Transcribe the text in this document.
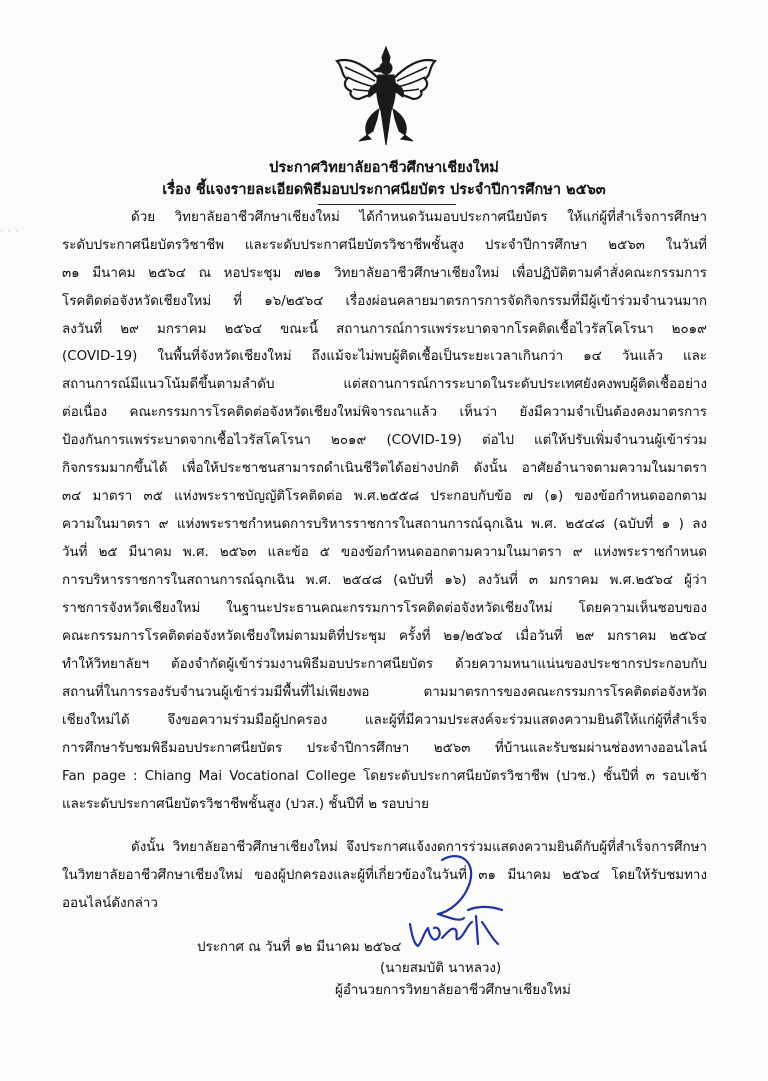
ประกาศวิทยาลัยอาชีวศึกษาเชียงใหม่
เรื่อง ชี้แจงรายละเอียดพิธีมอบประกาศนียบัตร ประจำปีการศึกษา ๒๕๖๓
· · ·
ด้วย วิทยาลัยอาชีวศึกษาเชียงใหม่ ได้กำหนดวันมอบประกาศนียบัตร ให้แก่ผู้ที่สำเร็จการศึกษา
ระดับประกาศนียบัตรวิชาชีพ และระดับประกาศนียบัตรวิชาชีพชั้นสูง ประจำปีการศึกษา ๒๕๖๓ ในวันที่
๓๑ มีนาคม ๒๕๖๔ ณ หอประชุม ๗๒๑ วิทยาลัยอาชีวศึกษาเชียงใหม่ เพื่อปฏิบัติตามคำสั่งคณะกรรมการ
โรคติดต่อจังหวัดเชียงใหม่ ที่ ๑๖/๒๕๖๔ เรื่องผ่อนคลายมาตรการการจัดกิจกรรมที่มีผู้เข้าร่วมจำนวนมาก
ลงวันที่ ๒๙ มกราคม ๒๕๖๔ ขณะนี้ สถานการณ์การแพร่ระบาดจากโรคติดเชื้อไวรัสโคโรนา ๒๐๑๙
(COVID-19) ในพื้นที่จังหวัดเชียงใหม่ ถึงแม้จะไม่พบผู้ติดเชื้อเป็นระยะเวลาเกินกว่า ๑๔ วันแล้ว และ
สถานการณ์มีแนวโน้มดีขึ้นตามลำดับ แต่สถานการณ์การระบาดในระดับประเทศยังคงพบผู้ติดเชื้ออย่าง
ต่อเนื่อง คณะกรรมการโรคติดต่อจังหวัดเชียงใหม่พิจารณาแล้ว เห็นว่า ยังมีความจำเป็นต้องคงมาตรการ
ป้องกันการแพร่ระบาดจากเชื้อไวรัสโคโรนา ๒๐๑๙ (COVID-19) ต่อไป แต่ให้ปรับเพิ่มจำนวนผู้เข้าร่วม
กิจกรรมมากขึ้นได้ เพื่อให้ประชาชนสามารถดำเนินชีวิตได้อย่างปกติ ดังนั้น อาศัยอำนาจตามความในมาตรา
๓๔ มาตรา ๓๕ แห่งพระราชบัญญัติโรคติดต่อ พ.ศ.๒๕๕๘ ประกอบกับข้อ ๗ (๑) ของข้อกำหนดออกตาม
ความในมาตรา ๙ แห่งพระราชกำหนดการบริหารราชการในสถานการณ์ฉุกเฉิน พ.ศ. ๒๕๔๘ (ฉบับที่ ๑ ) ลง
วันที่ ๒๕ มีนาคม พ.ศ. ๒๕๖๓ และข้อ ๕ ของข้อกำหนดออกตามความในมาตรา ๙ แห่งพระราชกำหนด
การบริหารราชการในสถานการณ์ฉุกเฉิน พ.ศ. ๒๕๔๘ (ฉบับที่ ๑๖) ลงวันที่ ๓ มกราคม พ.ศ.๒๕๖๔ ผู้ว่า
ราชการจังหวัดเชียงใหม่ ในฐานะประธานคณะกรรมการโรคติดต่อจังหวัดเชียงใหม่ โดยความเห็นชอบของ
คณะกรรมการโรคติดต่อจังหวัดเชียงใหม่ตามมติที่ประชุม ครั้งที่ ๒๑/๒๕๖๔ เมื่อวันที่ ๒๙ มกราคม ๒๕๖๔
ทำให้วิทยาลัยฯ ต้องจำกัดผู้เข้าร่วมงานพิธีมอบประกาศนียบัตร ด้วยความหนาแน่นของประชากรประกอบกับ
สถานที่ในการรองรับจำนวนผู้เข้าร่วมมีพื้นที่ไม่เพียงพอ ตามมาตรการของคณะกรรมการโรคติดต่อจังหวัด
เชียงใหม่ได้ จึงขอความร่วมมือผู้ปกครอง และผู้ที่มีความประสงค์จะร่วมแสดงความยินดีให้แก่ผู้ที่สำเร็จ
การศึกษารับชมพิธีมอบประกาศนียบัตร ประจำปีการศึกษา ๒๕๖๓ ที่บ้านและรับชมผ่านช่องทางออนไลน์
Fan page : Chiang Mai Vocational College โดยระดับประกาศนียบัตรวิชาชีพ (ปวช.) ชั้นปีที่ ๓ รอบเช้า
และระดับประกาศนียบัตรวิชาชีพชั้นสูง (ปวส.) ชั้นปีที่ ๒ รอบบ่าย
ดังนั้น วิทยาลัยอาชีวศึกษาเชียงใหม่ จึงประกาศแจ้งงดการร่วมแสดงความยินดีกับผู้ที่สำเร็จการศึกษา
ในวิทยาลัยอาชีวศึกษาเชียงใหม่ ของผู้ปกครองและผู้ที่เกี่ยวข้องในวันที่ ๓๑ มีนาคม ๒๕๖๔ โดยให้รับชมทาง
ออนไลน์ดังกล่าว
ประกาศ ณ วันที่ ๑๒ มีนาคม ๒๕๖๔
(นายสมบัติ นาหลวง)
ผู้อำนวยการวิทยาลัยอาชีวศึกษาเชียงใหม่
